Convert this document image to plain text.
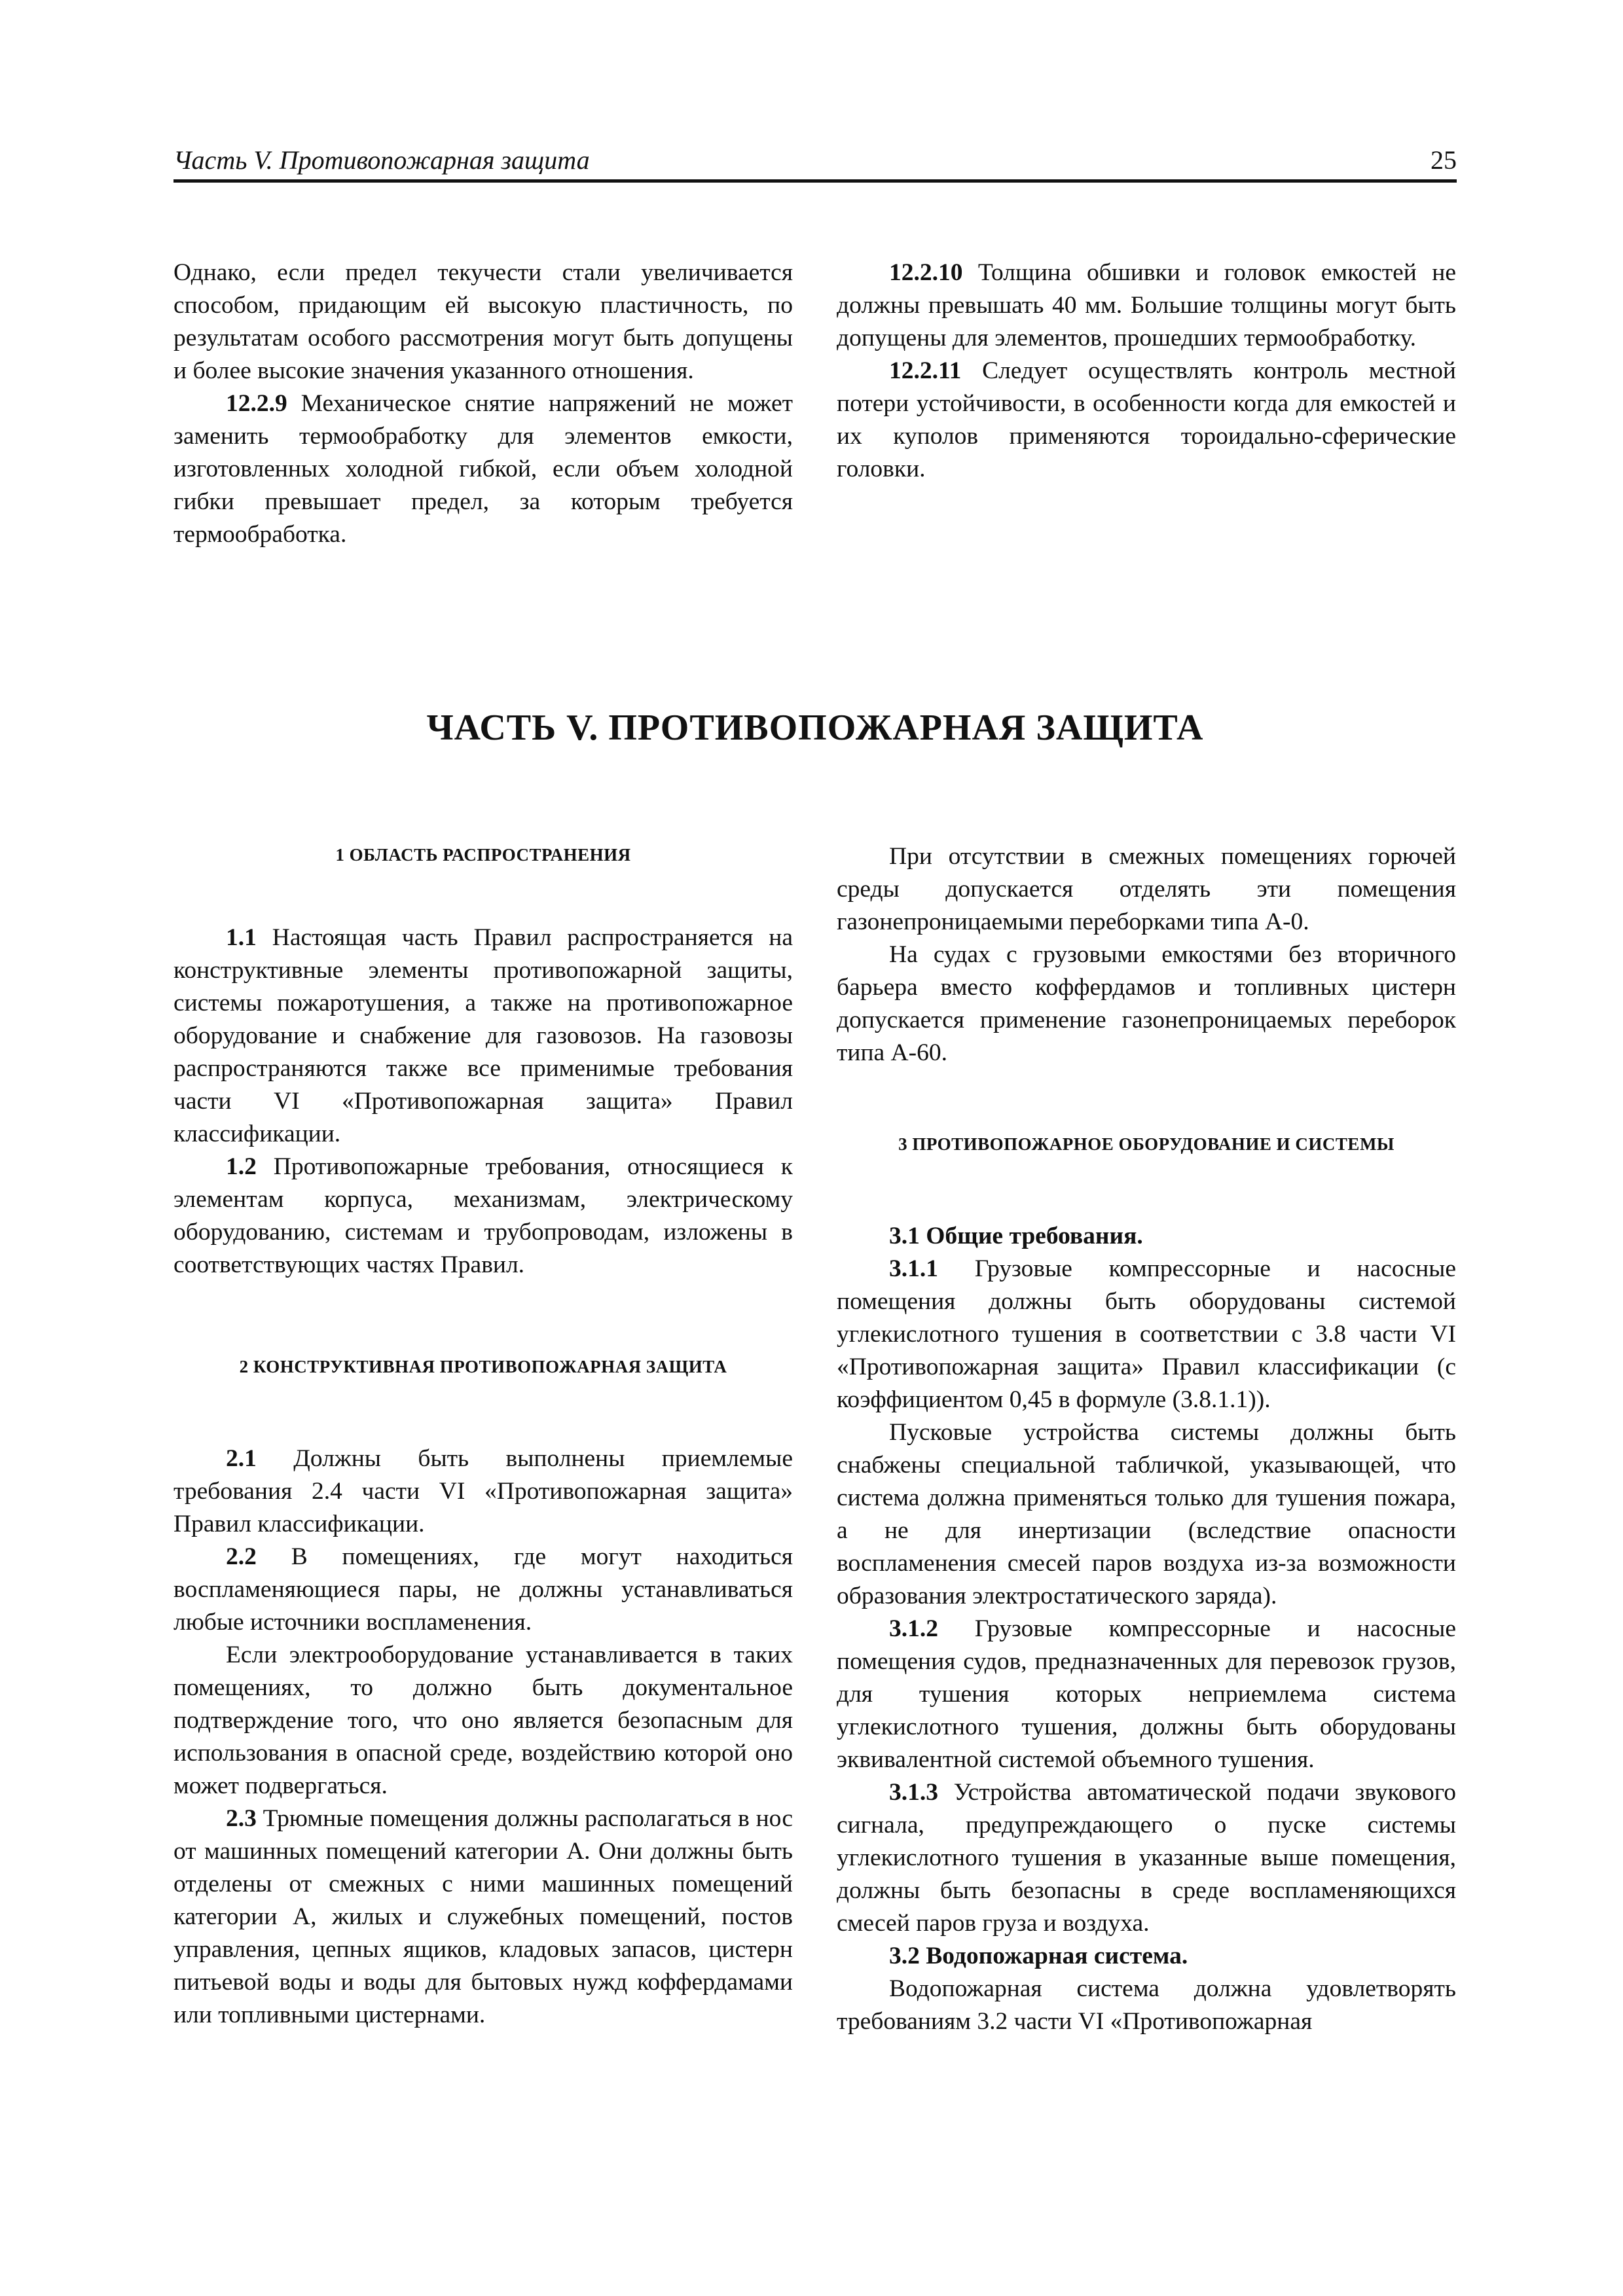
Часть V. Противопожарная защита	25

Однако, если предел текучести стали увеличивается способом, придающим ей высокую пластичность, по результатам особого рассмотрения могут быть допущены и более высокие значения указанного отношения.

12.2.9 Механическое снятие напряжений не может заменить термообработку для элементов емкости, изготовленных холодной гибкой, если объем холодной гибки превышает предел, за которым требуется термообработка.

12.2.10 Толщина обшивки и головок емкостей не должны превышать 40 мм. Большие толщины могут быть допущены для элементов, прошедших термообработку.

12.2.11 Следует осуществлять контроль местной потери устойчивости, в особенности когда для емкостей и их куполов применяются тороидально-сферические головки.

ЧАСТЬ V. ПРОТИВОПОЖАРНАЯ ЗАЩИТА
1 ОБЛАСТЬ РАСПРОСТРАНЕНИЯ

1.1 Настоящая часть Правил распространяется на конструктивные элементы противопожарной защиты, системы пожаротушения, а также на противопожарное оборудование и снабжение для газовозов. На газовозы распространяются также все применимые требования части VI «Противопожарная защита» Правил классификации.

1.2 Противопожарные требования, относящиеся к элементам корпуса, механизмам, электрическому оборудованию, системам и трубопроводам, изложены в соответствующих частях Правил.

2 КОНСТРУКТИВНАЯ ПРОТИВОПОЖАРНАЯ ЗАЩИТА

2.1 Должны быть выполнены приемлемые требования 2.4 части VI «Противопожарная защита» Правил классификации.

2.2 В помещениях, где могут находиться воспламеняющиеся пары, не должны устанавливаться любые источники воспламенения.

Если электрооборудование устанавливается в таких помещениях, то должно быть документальное подтверждение того, что оно является безопасным для использования в опасной среде, воздействию которой оно может подвергаться.

2.3 Трюмные помещения должны располагаться в нос от машинных помещений категории А. Они должны быть отделены от смежных с ними машинных помещений категории А, жилых и служебных помещений, постов управления, цепных ящиков, кладовых запасов, цистерн питьевой воды и воды для бытовых нужд коффердамами или топливными цистернами.

При отсутствии в смежных помещениях горючей среды допускается отделять эти помещения газонепроницаемыми переборками типа А-0.

На судах с грузовыми емкостями без вторичного барьера вместо коффердамов и топливных цистерн допускается применение газонепроницаемых переборок типа А-60.

3 ПРОТИВОПОЖАРНОЕ ОБОРУДОВАНИЕ И СИСТЕМЫ

3.1 Общие требования.

3.1.1 Грузовые компрессорные и насосные помещения должны быть оборудованы системой углекислотного тушения в соответствии с 3.8 части VI «Противопожарная защита» Правил классификации (с коэффициентом 0,45 в формуле (3.8.1.1)).

Пусковые устройства системы должны быть снабжены специальной табличкой, указывающей, что система должна применяться только для тушения пожара, а не для инертизации (вследствие опасности воспламенения смесей паров воздуха из-за возможности образования электростатического заряда).

3.1.2 Грузовые компрессорные и насосные помещения судов, предназначенных для перевозок грузов, для тушения которых неприемлема система углекислотного тушения, должны быть оборудованы эквивалентной системой объемного тушения.

3.1.3 Устройства автоматической подачи звукового сигнала, предупреждающего о пуске системы углекислотного тушения в указанные выше помещения, должны быть безопасны в среде воспламеняющихся смесей паров груза и воздуха.

3.2 Водопожарная система.

Водопожарная система должна удовлетворять требованиям 3.2 части VI «Противопожарная
